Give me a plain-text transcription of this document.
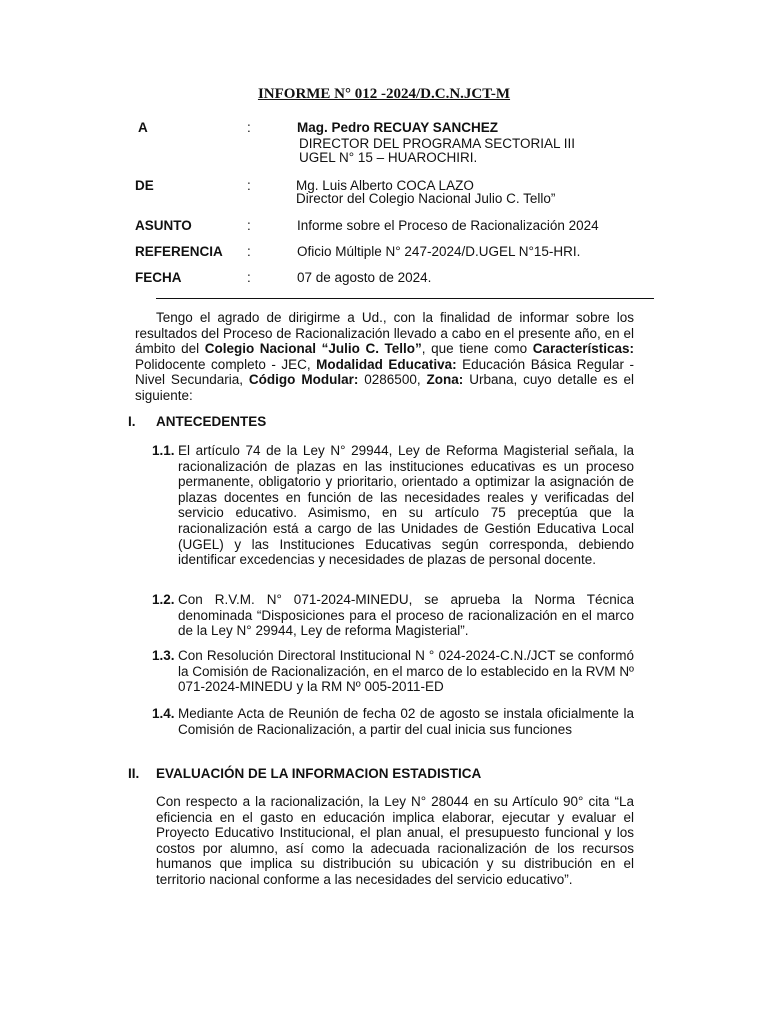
INFORME N° 012 -2024/D.C.N.JCT-M
A	:	Mag. Pedro RECUAY SANCHEZ
DIRECTOR DEL PROGRAMA SECTORIAL III
UGEL N° 15 – HUAROCHIRI.
DE	:	Mg. Luis Alberto COCA LAZO
Director del Colegio Nacional Julio C. Tello”
ASUNTO	:	Informe sobre el Proceso de Racionalización 2024
REFERENCIA :	Oficio Múltiple N° 247-2024/D.UGEL N°15-HRI.
FECHA	:	07 de agosto de 2024.
Tengo el agrado de dirigirme a Ud., con la finalidad de informar sobre los resultados del Proceso de Racionalización llevado a cabo en el presente año, en el ámbito del Colegio Nacional “Julio C. Tello”, que tiene como Características: Polidocente completo - JEC, Modalidad Educativa: Educación Básica Regular - Nivel Secundaria, Código Modular: 0286500, Zona: Urbana, cuyo detalle es el siguiente:
I. ANTECEDENTES
1.1. El artículo 74 de la Ley N° 29944, Ley de Reforma Magisterial señala, la racionalización de plazas en las instituciones educativas es un proceso permanente, obligatorio y prioritario, orientado a optimizar la asignación de plazas docentes en función de las necesidades reales y verificadas del servicio educativo. Asimismo, en su artículo 75 preceptúa que la racionalización está a cargo de las Unidades de Gestión Educativa Local (UGEL) y las Instituciones Educativas según corresponda, debiendo identificar excedencias y necesidades de plazas de personal docente.
1.2. Con R.V.M. N° 071-2024-MINEDU, se aprueba la Norma Técnica denominada “Disposiciones para el proceso de racionalización en el marco de la Ley N° 29944, Ley de reforma Magisterial”.
1.3. Con Resolución Directoral Institucional N ° 024-2024-C.N./JCT se conformó la Comisión de Racionalización, en el marco de lo establecido en la RVM Nº 071-2024-MINEDU y la RM Nº 005-2011-ED
1.4. Mediante Acta de Reunión de fecha 02 de agosto se instala oficialmente la Comisión de Racionalización, a partir del cual inicia sus funciones
II. EVALUACIÓN DE LA INFORMACION ESTADISTICA
Con respecto a la racionalización, la Ley N° 28044 en su Artículo 90° cita “La eficiencia en el gasto en educación implica elaborar, ejecutar y evaluar el Proyecto Educativo Institucional, el plan anual, el presupuesto funcional y los costos por alumno, así como la adecuada racionalización de los recursos humanos que implica su distribución su ubicación y su distribución en el territorio nacional conforme a las necesidades del servicio educativo”.
